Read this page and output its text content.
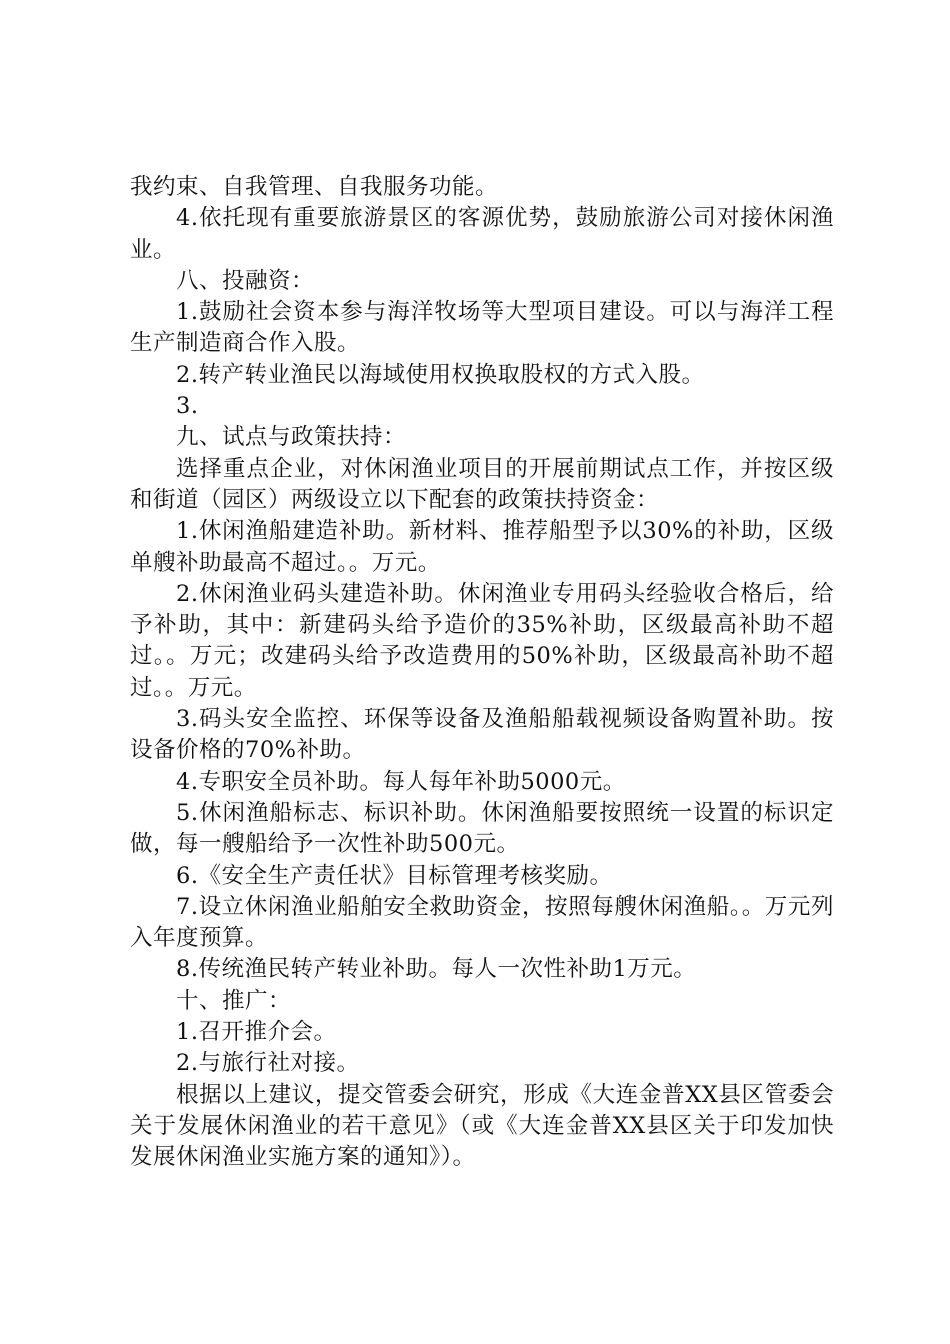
我约束、自我管理、自我服务功能。

4.依托现有重要旅游景区的客源优势，鼓励旅游公司对接休闲渔业。

八、投融资：

1.鼓励社会资本参与海洋牧场等大型项目建设。可以与海洋工程生产制造商合作入股。

2.转产转业渔民以海域使用权换取股权的方式入股。

3.

九、试点与政策扶持：

选择重点企业，对休闲渔业项目的开展前期试点工作，并按区级和街道（园区）两级设立以下配套的政策扶持资金：

1.休闲渔船建造补助。新材料、推荐船型予以30%的补助，区级单艘补助最高不超过。。万元。

2.休闲渔业码头建造补助。休闲渔业专用码头经验收合格后，给予补助，其中：新建码头给予造价的35%补助，区级最高补助不超过。。万元；改建码头给予改造费用的50%补助，区级最高补助不超过。。万元。

3.码头安全监控、环保等设备及渔船船载视频设备购置补助。按设备价格的70%补助。

4.专职安全员补助。每人每年补助5000元。

5.休闲渔船标志、标识补助。休闲渔船要按照统一设置的标识定做，每一艘船给予一次性补助500元。

6.《安全生产责任状》目标管理考核奖励。

7.设立休闲渔业船舶安全救助资金，按照每艘休闲渔船。。万元列入年度预算。

8.传统渔民转产转业补助。每人一次性补助1万元。

十、推广：

1.召开推介会。

2.与旅行社对接。

根据以上建议，提交管委会研究，形成《大连金普XX县区管委会关于发展休闲渔业的若干意见》（或《大连金普XX县区关于印发加快发展休闲渔业实施方案的通知》）。
